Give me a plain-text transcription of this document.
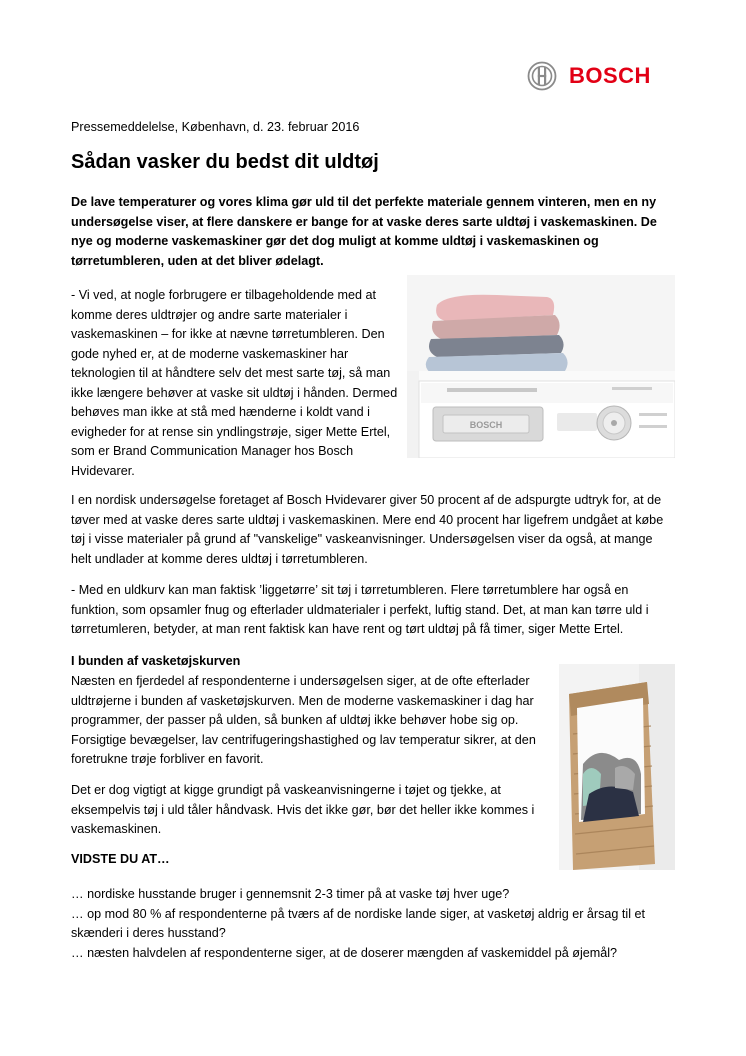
BOSCH

Pressemeddelelse, København, d. 23. februar 2016

Sådan vasker du bedst dit uldtøj

De lave temperaturer og vores klima gør uld til det perfekte materiale gennem vinteren, men en ny undersøgelse viser, at flere danskere er bange for at vaske deres sarte uldtøj i vaskemaskinen. De nye og moderne vaskemaskiner gør det dog muligt at komme uldtøj i vaskemaskinen og tørretumbleren, uden at det bliver ødelagt.

- Vi ved, at nogle forbrugere er tilbageholdende med at komme deres uldtrøjer og andre sarte materialer i vaskemaskinen – for ikke at nævne tørretumbleren. Den gode nyhed er, at de moderne vaskemaskiner har teknologien til at håndtere selv det mest sarte tøj, så man ikke længere behøver at vaske sit uldtøj i hånden. Dermed behøves man ikke at stå med hænderne i koldt vand i evigheder for at rense sin yndlingstrøje, siger Mette Ertel, som er Brand Communication Manager hos Bosch Hvidevarer.

BOSCH

I en nordisk undersøgelse foretaget af Bosch Hvidevarer giver 50 procent af de adspurgte udtryk for, at de tøver med at vaske deres sarte uldtøj i vaskemaskinen. Mere end 40 procent har ligefrem undgået at købe tøj i visse materialer på grund af "vanskelige" vaskeanvisninger. Undersøgelsen viser da også, at mange helt undlader at komme deres uldtøj i tørretumbleren.

- Med en uldkurv kan man faktisk ’liggetørre’ sit tøj i tørretumbleren. Flere tørretumblere har også en funktion, som opsamler fnug og efterlader uldmaterialer i perfekt, luftig stand. Det, at man kan tørre uld i tørretumleren, betyder, at man rent faktisk kan have rent og tørt uldtøj på få timer, siger Mette Ertel.

I bunden af vasketøjskurven

Næsten en fjerdedel af respondenterne i undersøgelsen siger, at de ofte efterlader uldtrøjerne i bunden af vasketøjskurven. Men de moderne vaskemaskiner i dag har programmer, der passer på ulden, så bunken af uldtøj ikke behøver hobe sig op. Forsigtige bevægelser, lav centrifugeringshastighed og lav temperatur sikrer, at den foretrukne trøje forbliver en favorit.

Det er dog vigtigt at kigge grundigt på vaskeanvisningerne i tøjet og tjekke, at eksempelvis tøj i uld tåler håndvask. Hvis det ikke gør, bør det heller ikke kommes i vaskemaskinen.

VIDSTE DU AT…

… nordiske husstande bruger i gennemsnit 2-3 timer på at vaske tøj hver uge?
… op mod 80 % af respondenterne på tværs af de nordiske lande siger, at vasketøj aldrig er årsag til et skænderi i deres husstand?
… næsten halvdelen af respondenterne siger, at de doserer mængden af vaskemiddel på øjemål?
